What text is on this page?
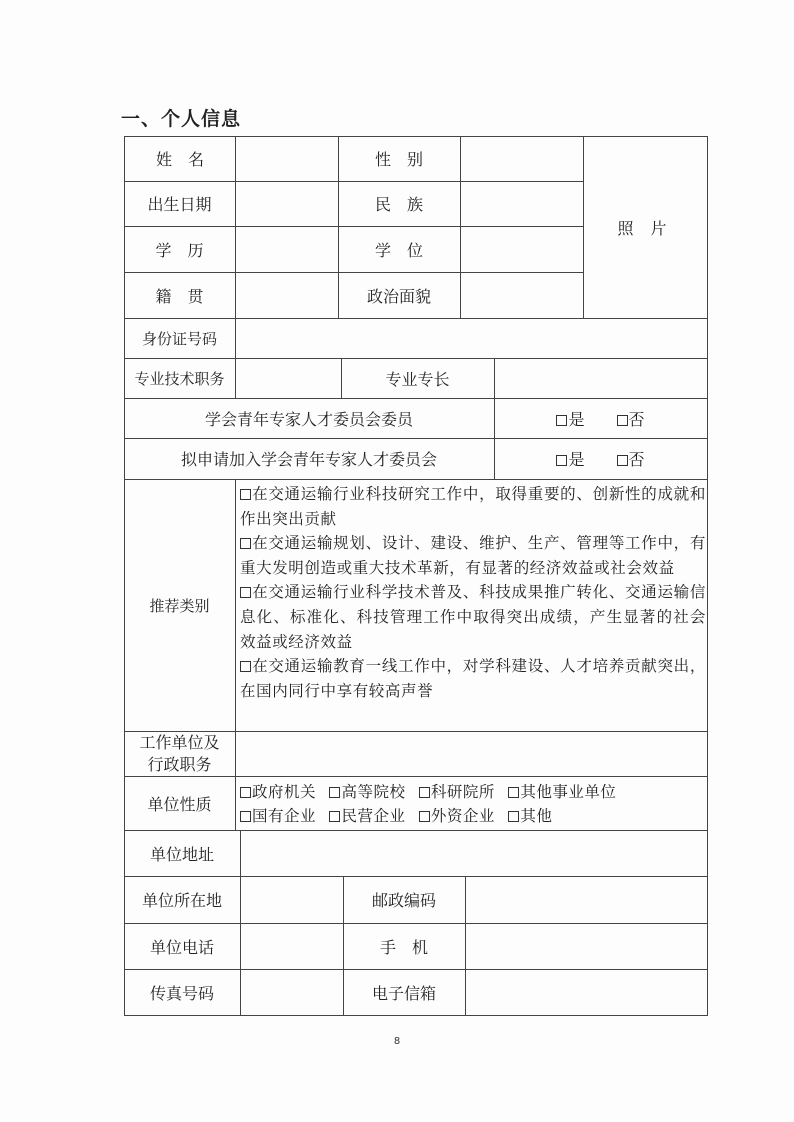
一、个人信息
姓　名	性　别
出生日期	民　族
学　历	学　位
籍　贯	政治面貌
照 片
身份证号码
专业技术职务	专业专长
学会青年专家人才委员会委员	是	否
拟申请加入学会青年专家人才委员会	是	否
推荐类别

在交通运输行业科技研究工作中，取得重要的、创新性的成就和作出突出贡献

在交通运输规划、设计、建设、维护、生产、管理等工作中，有重大发明创造或重大技术革新，有显著的经济效益或社会效益

在交通运输行业科学技术普及、科技成果推广转化、交通运输信息化、标准化、科技管理工作中取得突出成绩，产生显著的社会效益或经济效益

在交通运输教育一线工作中，对学科建设、人才培养贡献突出，在国内同行中享有较高声誉

工作单位及
行政职务
单位性质
政府机关 高等院校 科研院所 其他事业单位
国有企业 民营企业 外资企业 其他
单位地址
单位所在地	邮政编码
单位电话	手　机
传真号码	电子信箱
8
